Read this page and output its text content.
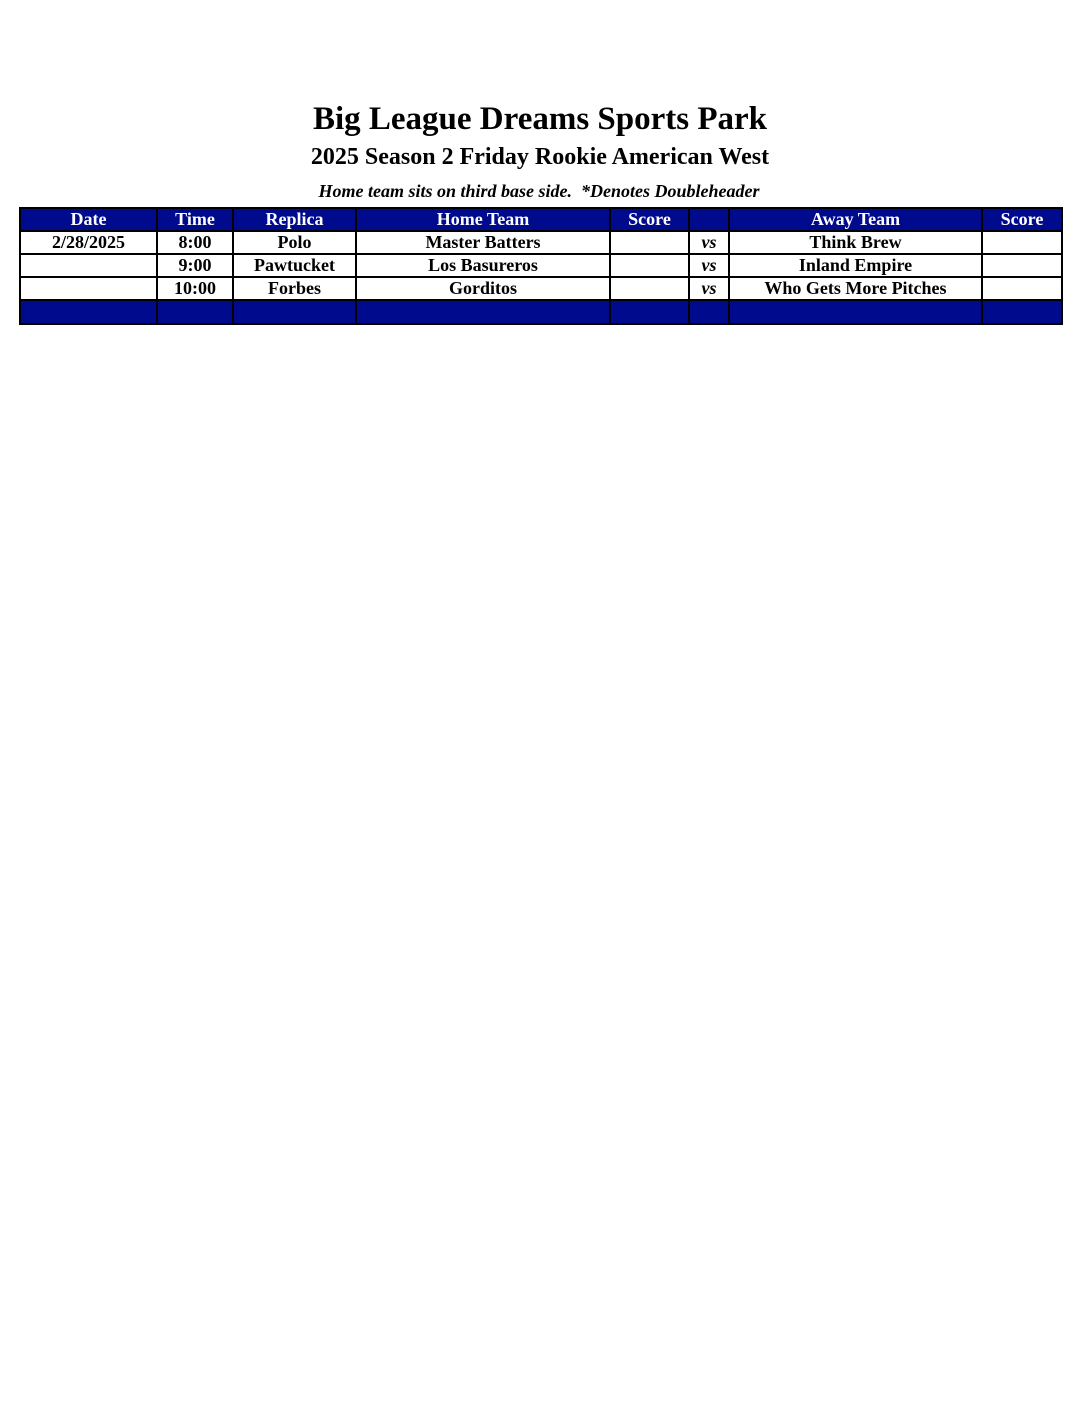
Big League Dreams Sports Park
2025 Season 2 Friday Rookie American West
Home team sits on third base side.  *Denotes Doubleheader
Date	Time	Replica	Home Team	Score		Away Team	Score
2/28/2025	8:00	Polo	Master Batters		vs	Think Brew	
	9:00	Pawtucket	Los Basureros		vs	Inland Empire	
	10:00	Forbes	Gorditos		vs	Who Gets More Pitches	
